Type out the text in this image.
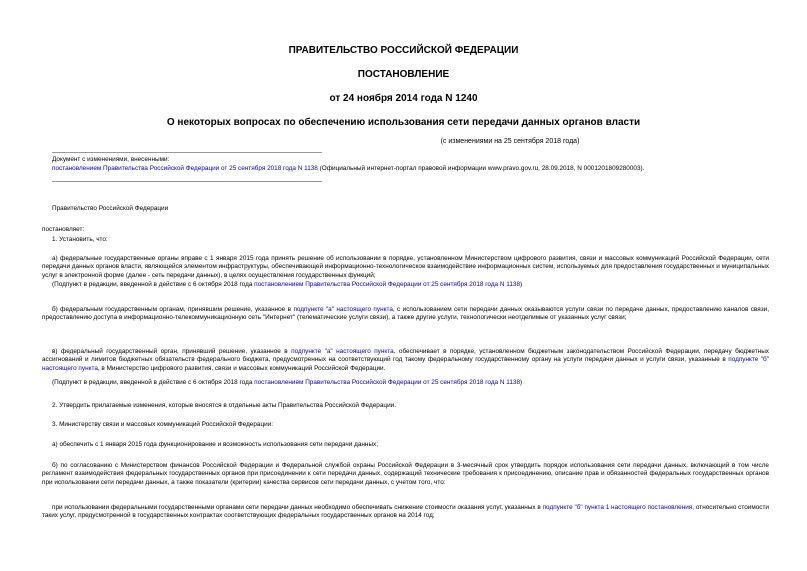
ПРАВИТЕЛЬСТВО РОССИЙСКОЙ ФЕДЕРАЦИИ
ПОСТАНОВЛЕНИЕ
от 24 ноября 2014 года N 1240
О некоторых вопросах по обеспечению использования сети передачи данных органов власти
(с изменениями на 25 сентября 2018 года)
Документ с изменениями, внесенными:
постановлением Правительства Российской Федерации от 25 сентября 2018 года N 1138 (Официальный интернет-портал правовой информации www.pravo.gov.ru, 28.09.2018, N 0001201809280003).
Правительство Российской Федерации
постановляет:
1. Установить, что:
а) федеральные государственные органы вправе с 1 января 2015 года принять решение об использовании в порядке, установленном Министерством цифрового развития, связи и массовых коммуникаций Российской Федерации, сети передачи данных органов власти, являющейся элементом инфраструктуры, обеспечивающей информационно-технологическое взаимодействие информационных систем, используемых для предоставления государственных и муниципальных услуг в электронной форме (далее - сеть передачи данных), в целях осуществления государственных функций;
(Подпункт в редакции, введенной в действие с 6 октября 2018 года постановлением Правительства Российской Федерации от 25 сентября 2018 года N 1138)
б) федеральным государственным органам, принявшим решение, указанное в подпункте "а" настоящего пункта, с использованием сети передачи данных оказываются услуги связи по передаче данных, предоставлению каналов связи, предоставлению доступа в информационно-телекоммуникационную сеть "Интернет" (телематические услуги связи), а также другие услуги, технологически неотделимые от указанных услуг связи;
в) федеральный государственный орган, принявший решение, указанное в подпункте "а" настоящего пункта, обеспечивает в порядке, установленном бюджетным законодательством Российской Федерации, передачу бюджетных ассигнований и лимитов бюджетных обязательств федерального бюджета, предусмотренных на соответствующий год такому федеральному государственному органу на услуги передачи данных и услуги связи, указанные в подпункте "б" настоящего пункта, в Министерство цифрового развития, связи и массовых коммуникаций Российской Федерации.
(Подпункт в редакции, введенной в действие с 6 октября 2018 года постановлением Правительства Российской Федерации от 25 сентября 2018 года N 1138)
2. Утвердить прилагаемые изменения, которые вносятся в отдельные акты Правительства Российской Федерации.
3. Министерству связи и массовых коммуникаций Российской Федерации:
а) обеспечить с 1 января 2015 года функционирование и возможность использования сети передачи данных;
б) по согласованию с Министерством финансов Российской Федерации и Федеральной службой охраны Российской Федерации в 3-месячный срок утвердить порядок использования сети передачи данных, включающий в том числе регламент взаимодействия федеральных государственных органов при присоединении к сети передачи данных, содержащий технические требования к присоединению, описание прав и обязанностей федеральных государственных органов при использовании сети передачи данных, а также показатели (критерии) качества сервисов сети передачи данных, с учетом того, что:
при использовании федеральными государственными органами сети передачи данных необходимо обеспечивать снижение стоимости оказания услуг, указанных в подпункте "б" пункта 1 настоящего постановления, относительно стоимости таких услуг, предусмотренной в государственных контрактах соответствующих федеральных государственных органов на 2014 год;
